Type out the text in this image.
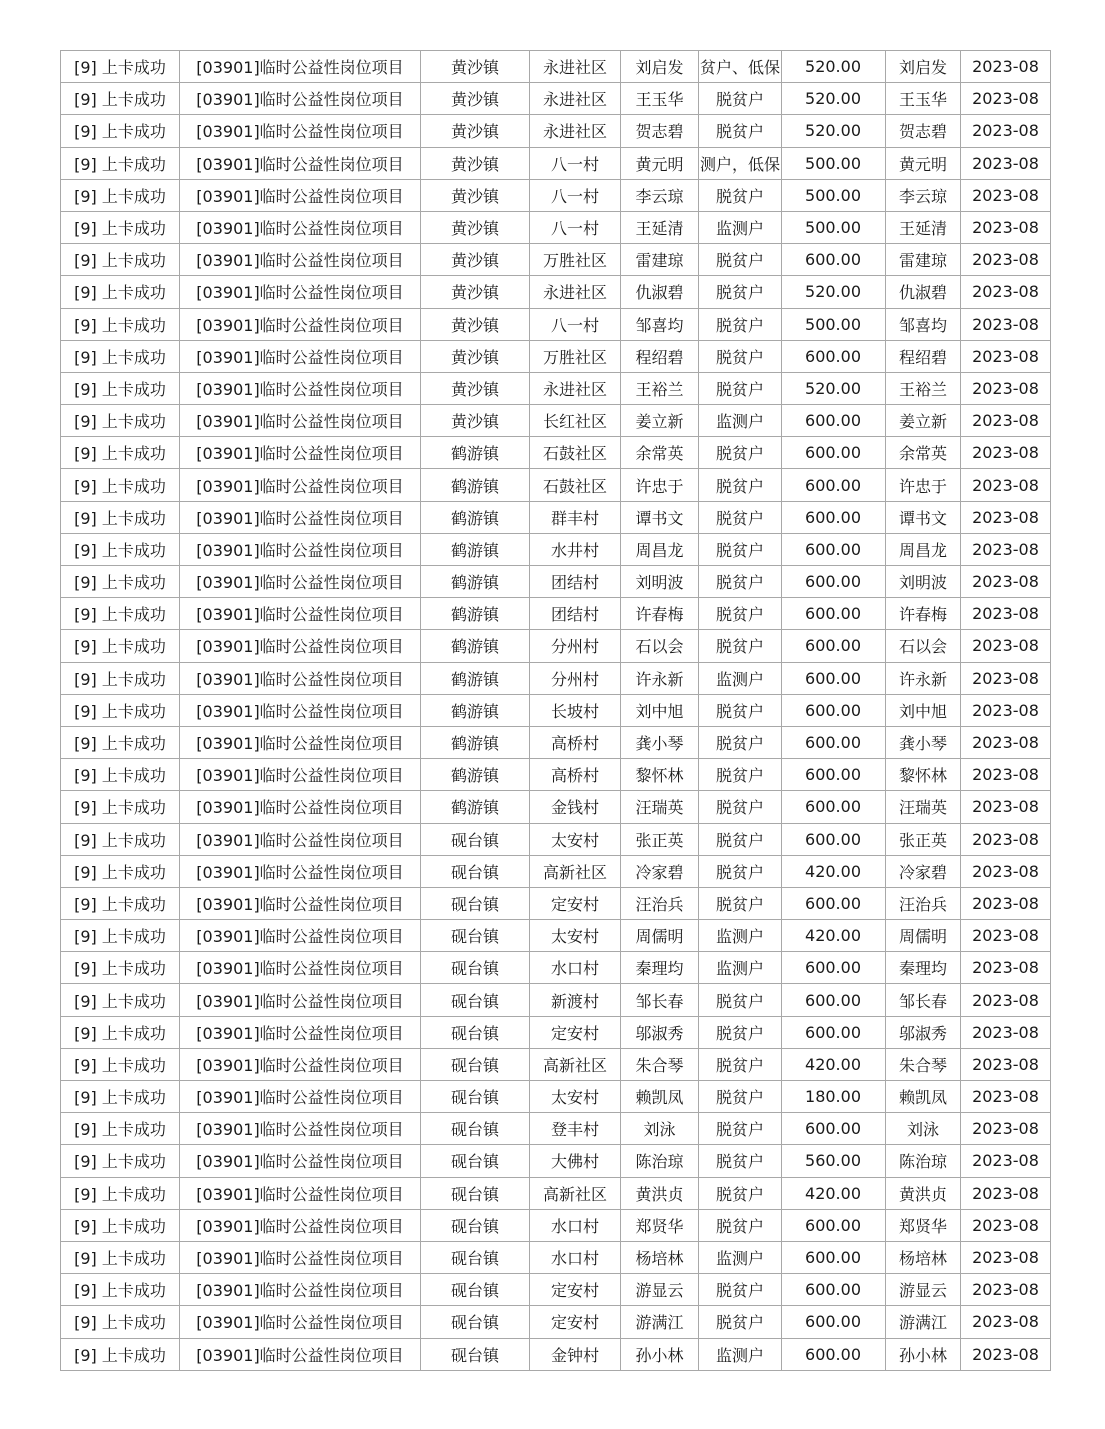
[9] 上卡成功	[03901]临时公益性岗位项目	黄沙镇	永进社区	刘启发	贫户、低保	520.00	刘启发	2023-08
[9] 上卡成功	[03901]临时公益性岗位项目	黄沙镇	永进社区	王玉华	脱贫户	520.00	王玉华	2023-08
[9] 上卡成功	[03901]临时公益性岗位项目	黄沙镇	永进社区	贺志碧	脱贫户	520.00	贺志碧	2023-08
[9] 上卡成功	[03901]临时公益性岗位项目	黄沙镇	八一村	黄元明	测户，低保	500.00	黄元明	2023-08
[9] 上卡成功	[03901]临时公益性岗位项目	黄沙镇	八一村	李云琼	脱贫户	500.00	李云琼	2023-08
[9] 上卡成功	[03901]临时公益性岗位项目	黄沙镇	八一村	王延清	监测户	500.00	王延清	2023-08
[9] 上卡成功	[03901]临时公益性岗位项目	黄沙镇	万胜社区	雷建琼	脱贫户	600.00	雷建琼	2023-08
[9] 上卡成功	[03901]临时公益性岗位项目	黄沙镇	永进社区	仇淑碧	脱贫户	520.00	仇淑碧	2023-08
[9] 上卡成功	[03901]临时公益性岗位项目	黄沙镇	八一村	邹喜均	脱贫户	500.00	邹喜均	2023-08
[9] 上卡成功	[03901]临时公益性岗位项目	黄沙镇	万胜社区	程绍碧	脱贫户	600.00	程绍碧	2023-08
[9] 上卡成功	[03901]临时公益性岗位项目	黄沙镇	永进社区	王裕兰	脱贫户	520.00	王裕兰	2023-08
[9] 上卡成功	[03901]临时公益性岗位项目	黄沙镇	长红社区	姜立新	监测户	600.00	姜立新	2023-08
[9] 上卡成功	[03901]临时公益性岗位项目	鹤游镇	石鼓社区	余常英	脱贫户	600.00	余常英	2023-08
[9] 上卡成功	[03901]临时公益性岗位项目	鹤游镇	石鼓社区	许忠于	脱贫户	600.00	许忠于	2023-08
[9] 上卡成功	[03901]临时公益性岗位项目	鹤游镇	群丰村	谭书文	脱贫户	600.00	谭书文	2023-08
[9] 上卡成功	[03901]临时公益性岗位项目	鹤游镇	水井村	周昌龙	脱贫户	600.00	周昌龙	2023-08
[9] 上卡成功	[03901]临时公益性岗位项目	鹤游镇	团结村	刘明波	脱贫户	600.00	刘明波	2023-08
[9] 上卡成功	[03901]临时公益性岗位项目	鹤游镇	团结村	许春梅	脱贫户	600.00	许春梅	2023-08
[9] 上卡成功	[03901]临时公益性岗位项目	鹤游镇	分州村	石以会	脱贫户	600.00	石以会	2023-08
[9] 上卡成功	[03901]临时公益性岗位项目	鹤游镇	分州村	许永新	监测户	600.00	许永新	2023-08
[9] 上卡成功	[03901]临时公益性岗位项目	鹤游镇	长坡村	刘中旭	脱贫户	600.00	刘中旭	2023-08
[9] 上卡成功	[03901]临时公益性岗位项目	鹤游镇	高桥村	龚小琴	脱贫户	600.00	龚小琴	2023-08
[9] 上卡成功	[03901]临时公益性岗位项目	鹤游镇	高桥村	黎怀林	脱贫户	600.00	黎怀林	2023-08
[9] 上卡成功	[03901]临时公益性岗位项目	鹤游镇	金钱村	汪瑞英	脱贫户	600.00	汪瑞英	2023-08
[9] 上卡成功	[03901]临时公益性岗位项目	砚台镇	太安村	张正英	脱贫户	600.00	张正英	2023-08
[9] 上卡成功	[03901]临时公益性岗位项目	砚台镇	高新社区	冷家碧	脱贫户	420.00	冷家碧	2023-08
[9] 上卡成功	[03901]临时公益性岗位项目	砚台镇	定安村	汪治兵	脱贫户	600.00	汪治兵	2023-08
[9] 上卡成功	[03901]临时公益性岗位项目	砚台镇	太安村	周儒明	监测户	420.00	周儒明	2023-08
[9] 上卡成功	[03901]临时公益性岗位项目	砚台镇	水口村	秦理均	监测户	600.00	秦理均	2023-08
[9] 上卡成功	[03901]临时公益性岗位项目	砚台镇	新渡村	邹长春	脱贫户	600.00	邹长春	2023-08
[9] 上卡成功	[03901]临时公益性岗位项目	砚台镇	定安村	邬淑秀	脱贫户	600.00	邬淑秀	2023-08
[9] 上卡成功	[03901]临时公益性岗位项目	砚台镇	高新社区	朱合琴	脱贫户	420.00	朱合琴	2023-08
[9] 上卡成功	[03901]临时公益性岗位项目	砚台镇	太安村	赖凯凤	脱贫户	180.00	赖凯凤	2023-08
[9] 上卡成功	[03901]临时公益性岗位项目	砚台镇	登丰村	刘泳	脱贫户	600.00	刘泳	2023-08
[9] 上卡成功	[03901]临时公益性岗位项目	砚台镇	大佛村	陈治琼	脱贫户	560.00	陈治琼	2023-08
[9] 上卡成功	[03901]临时公益性岗位项目	砚台镇	高新社区	黄洪贞	脱贫户	420.00	黄洪贞	2023-08
[9] 上卡成功	[03901]临时公益性岗位项目	砚台镇	水口村	郑贤华	脱贫户	600.00	郑贤华	2023-08
[9] 上卡成功	[03901]临时公益性岗位项目	砚台镇	水口村	杨培林	监测户	600.00	杨培林	2023-08
[9] 上卡成功	[03901]临时公益性岗位项目	砚台镇	定安村	游显云	脱贫户	600.00	游显云	2023-08
[9] 上卡成功	[03901]临时公益性岗位项目	砚台镇	定安村	游满江	脱贫户	600.00	游满江	2023-08
[9] 上卡成功	[03901]临时公益性岗位项目	砚台镇	金钟村	孙小林	监测户	600.00	孙小林	2023-08
